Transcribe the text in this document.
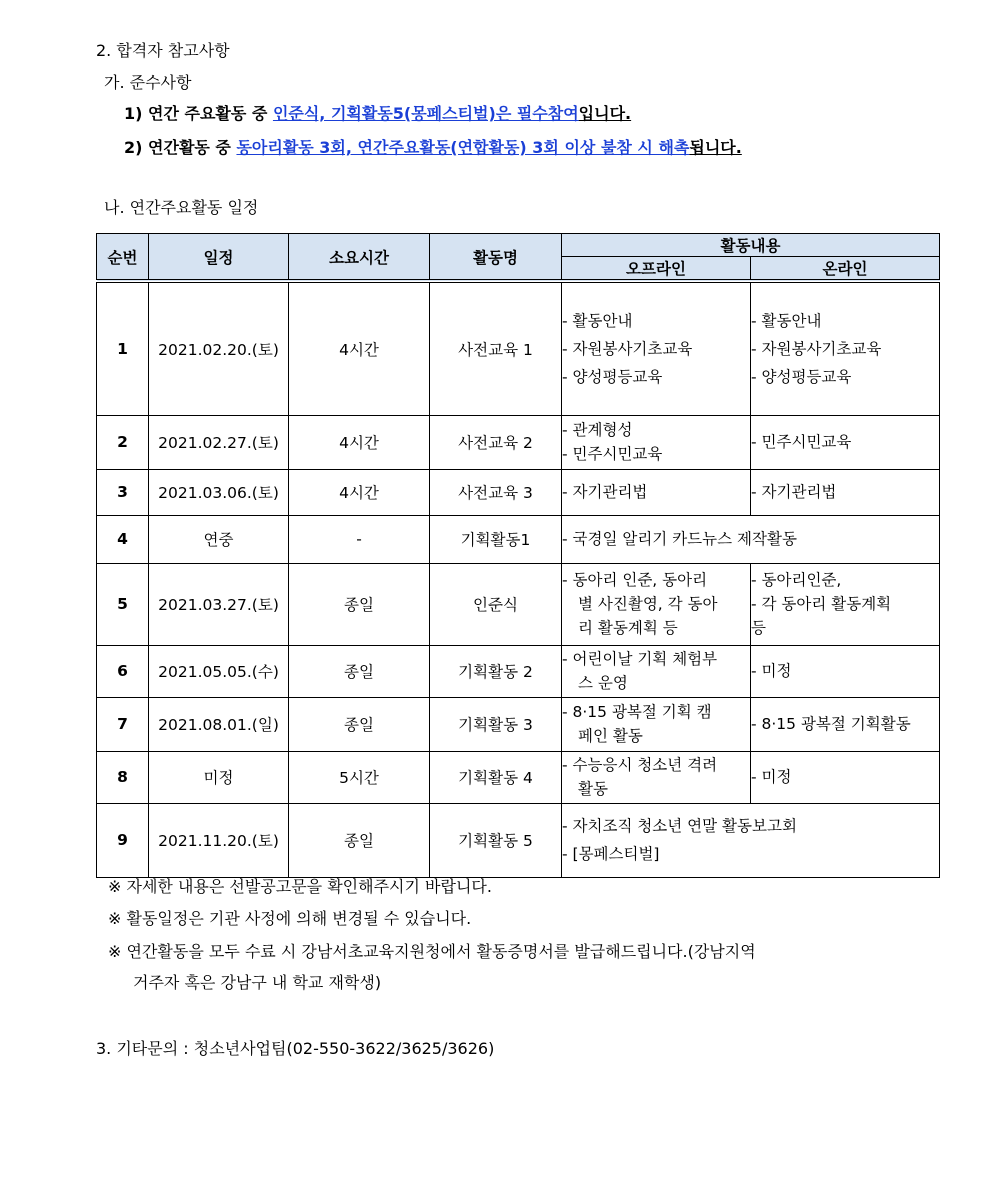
2. 합격자 참고사항
가. 준수사항
1) 연간 주요활동 중 인준식, 기획활동5(몽페스티벌)은 필수참여입니다.
2) 연간활동 중 동아리활동 3회, 연간주요활동(연합활동) 3회 이상 불참 시 해촉됩니다.
나. 연간주요활동 일정
순번	일정	소요시간	활동명	활동내용	
				오프라인	온라인
1	2021.02.20.(토)	4시간	사전교육 1	- 활동안내
- 자원봉사기초교육
- 양성평등교육	- 활동안내
- 자원봉사기초교육
- 양성평등교육

2	2021.02.27.(토)	4시간	사전교육 2	- 관계형성
- 민주시민교육	- 민주시민교육

3	2021.03.06.(토)	4시간	사전교육 3	- 자기관리법	- 자기관리법

4	연중	-	기획활동1	- 국경일 알리기 카드뉴스 제작활동	
5	2021.03.27.(토)	종일	인준식	- 동아리 인준, 동아리
별 사진촬영, 각 동아
리 활동계획 등	- 동아리인준,
- 각 동아리 활동계획
등

6	2021.05.05.(수)	종일	기획활동 2	- 어린이날 기획 체험부
스 운영	- 미정

7	2021.08.01.(일)	종일	기획활동 3	- 8·15 광복절 기획 캠
페인 활동	- 8·15 광복절 기획활동

8	미정	5시간	기획활동 4	- 수능응시 청소년 격려
활동	- 미정

9	2021.11.20.(토)	종일	기획활동 5	- 자치조직 청소년 연말 활동보고회
- [몽페스티벌]	
※ 자세한 내용은 선발공고문을 확인해주시기 바랍니다.
※ 활동일정은 기관 사정에 의해 변경될 수 있습니다.
※ 연간활동을 모두 수료 시 강남서초교육지원청에서 활동증명서를 발급해드립니다.(강남지역
거주자 혹은 강남구 내 학교 재학생)
3. 기타문의 : 청소년사업팀(02-550-3622/3625/3626)
